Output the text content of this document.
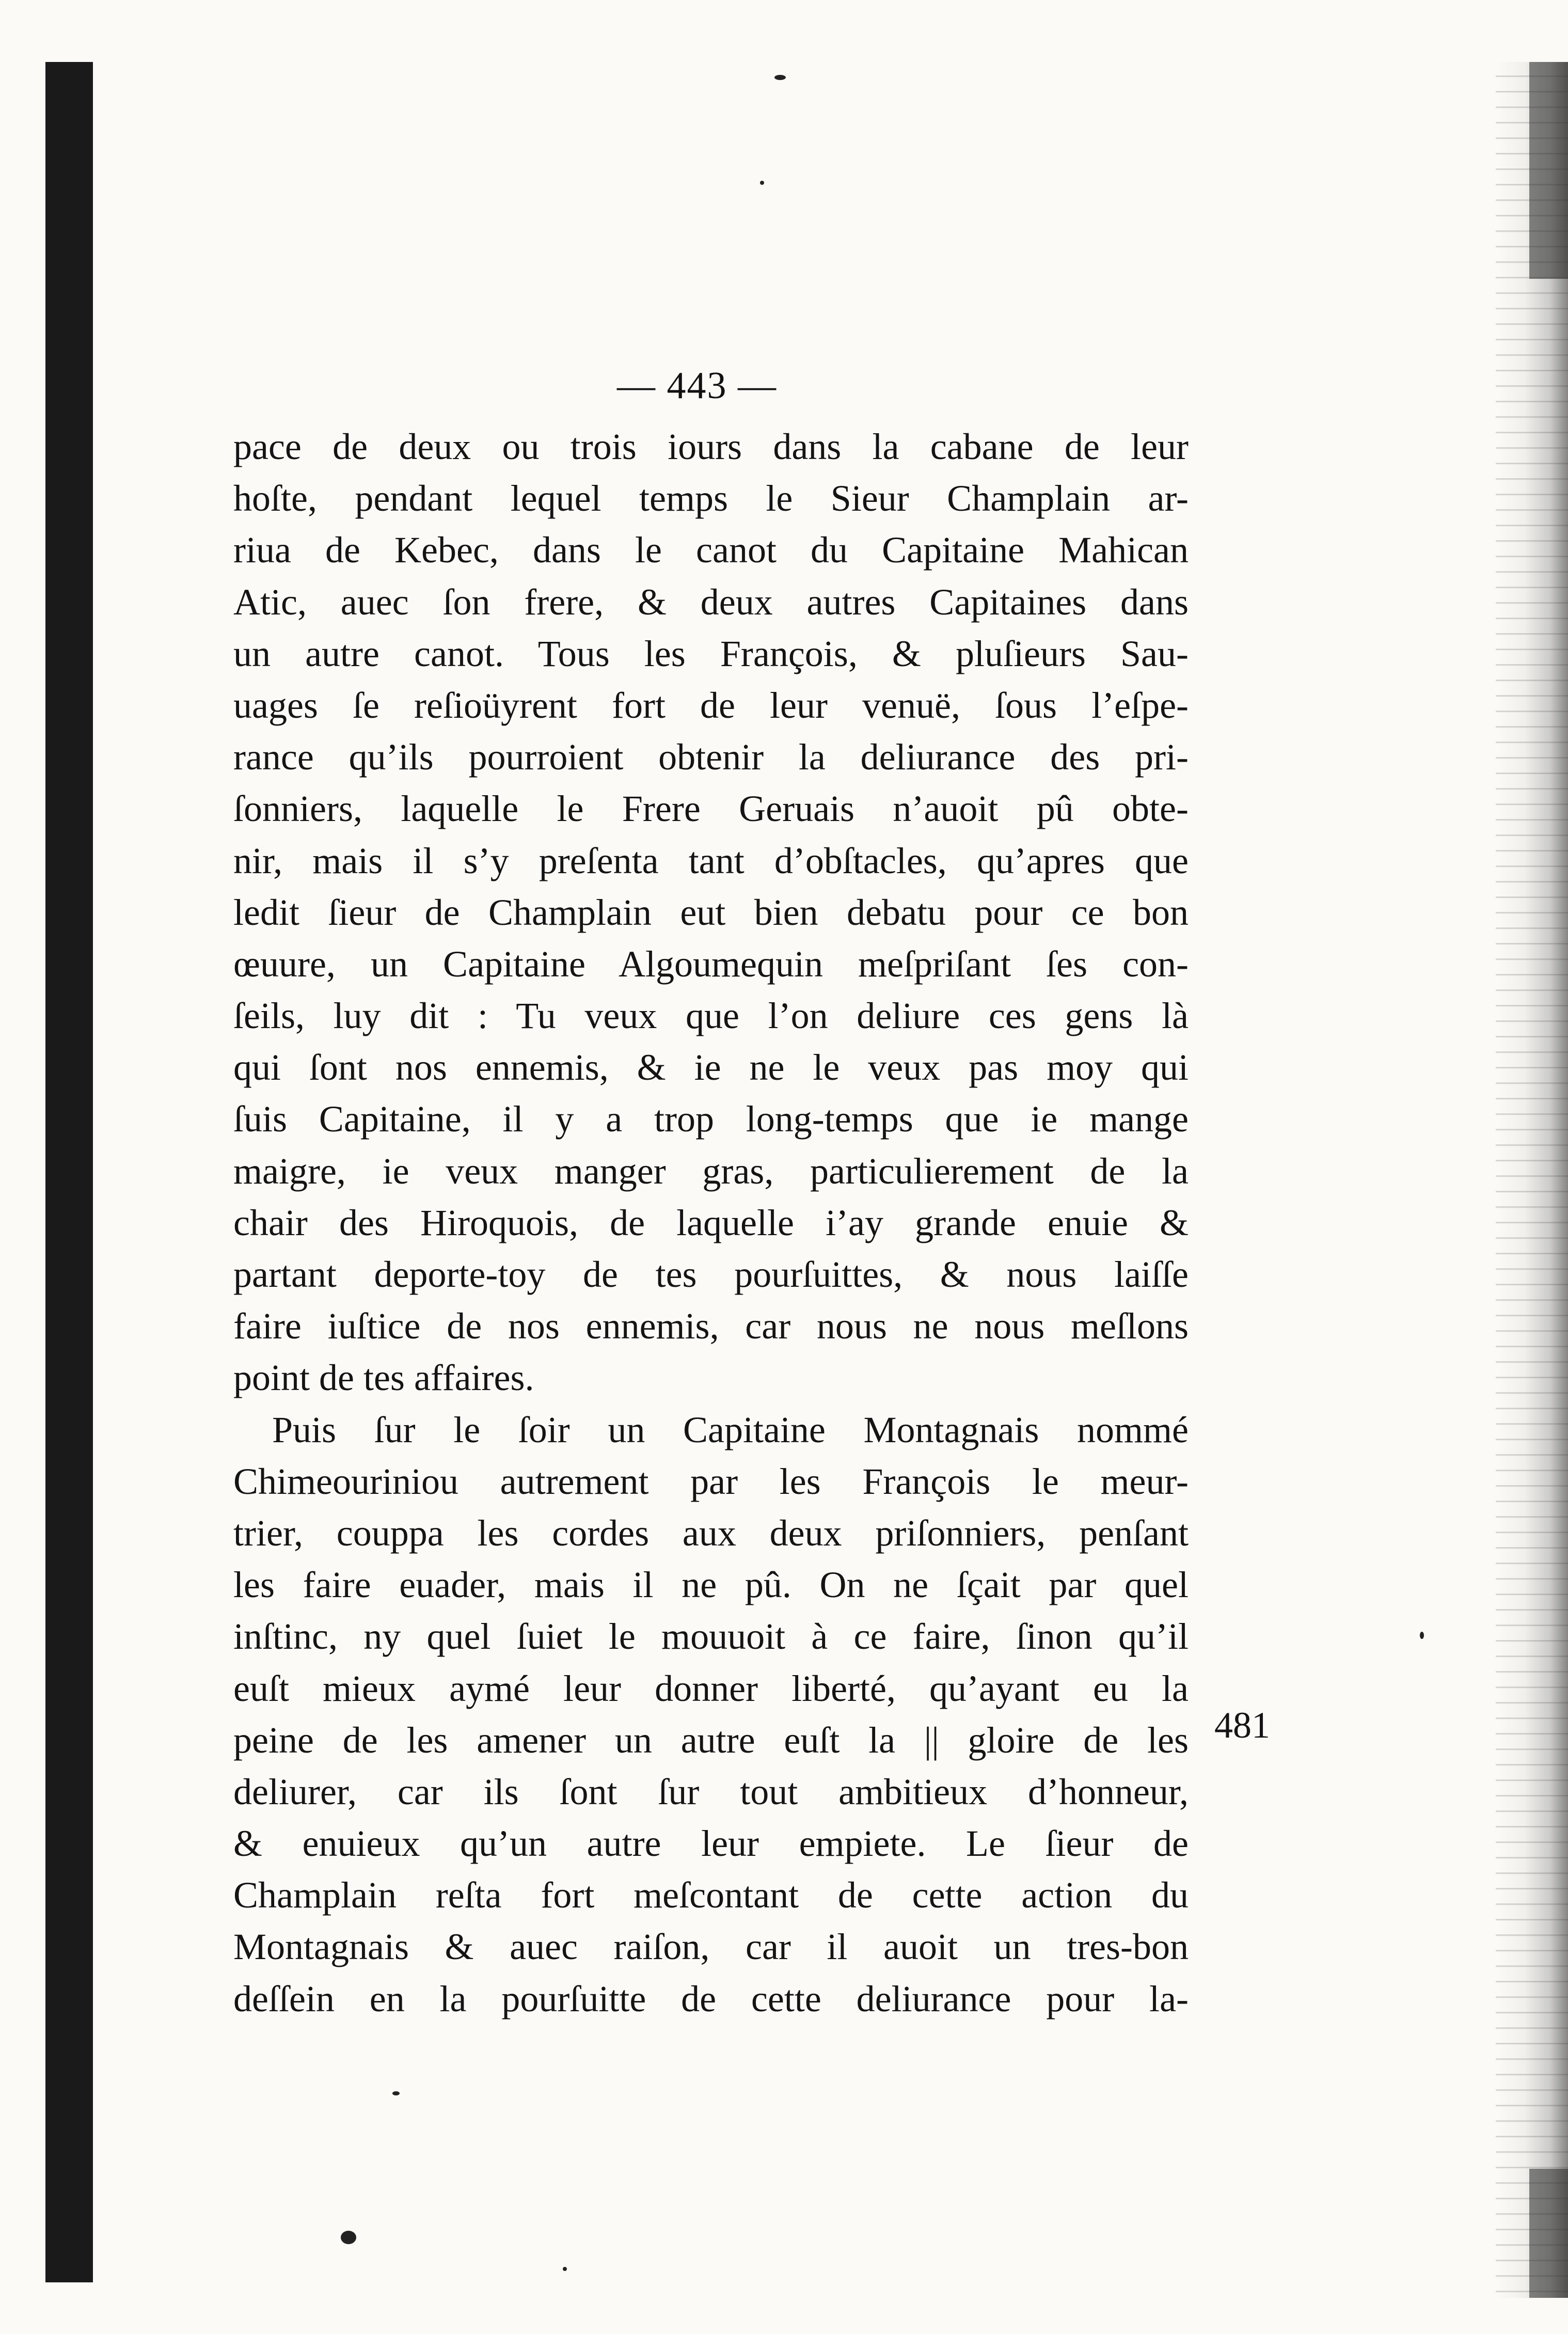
— 443 —
pace de deux ou trois iours dans la cabane de leur
hoſte, pendant lequel temps le Sieur Champlain ar-
riua de Kebec, dans le canot du Capitaine Mahican
Atic, auec ſon frere, & deux autres Capitaines dans
un autre canot. Tous les François, & pluſieurs Sau-
uages ſe reſioüyrent fort de leur venuë, ſous l’eſpe-
rance qu’ils pourroient obtenir la deliurance des pri-
ſonniers, laquelle le Frere Geruais n’auoit pû obte-
nir, mais il s’y preſenta tant d’obſtacles, qu’apres que
ledit ſieur de Champlain eut bien debatu pour ce bon
œuure, un Capitaine Algoumequin meſpriſant ſes con-
ſeils, luy dit : Tu veux que l’on deliure ces gens là
qui ſont nos ennemis, & ie ne le veux pas moy qui
ſuis Capitaine, il y a trop long-temps que ie mange
maigre, ie veux manger gras, particulierement de la
chair des Hiroquois, de laquelle i’ay grande enuie &
partant deporte-toy de tes pourſuittes, & nous laiſſe
faire iuſtice de nos ennemis, car nous ne nous meſlons
point de tes affaires.
Puis ſur le ſoir un Capitaine Montagnais nommé
Chimeouriniou autrement par les François le meur-
trier, couppa les cordes aux deux priſonniers, penſant
les faire euader, mais il ne pû. On ne ſçait par quel
inſtinc, ny quel ſuiet le mouuoit à ce faire, ſinon qu’il
euſt mieux aymé leur donner liberté, qu’ayant eu la
peine de les amener un autre euſt la || gloire de les
deliurer, car ils ſont ſur tout ambitieux d’honneur,
& enuieux qu’un autre leur empiete. Le ſieur de
Champlain reſta fort meſcontant de cette action du
Montagnais & auec raiſon, car il auoit un tres-bon
deſſein en la pourſuitte de cette deliurance pour la-
481
